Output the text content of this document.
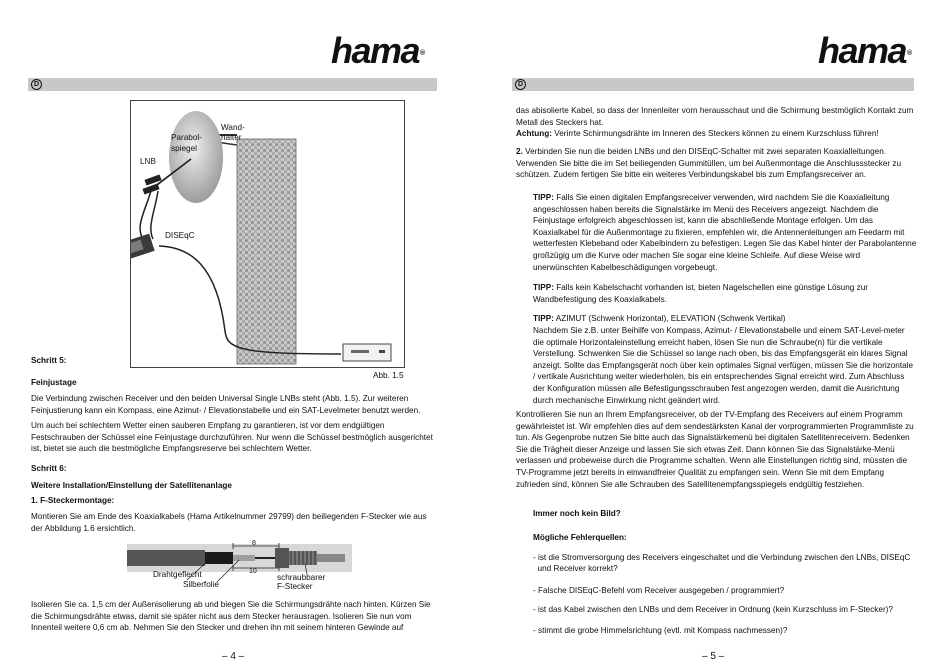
hama®
D
Wand-
halter
Parabol-
spiegel
LNB
DISEqC
Abb. 1.5
Schritt 5:
Feinjustage
Die Verbindung zwischen Receiver und den beiden Universal Single LNBs steht (Abb. 1.5). Zur weiteren Feinjustierung kann ein Kompass, eine Azimut- / Elevationstabelle und ein SAT-Levelmeter benutzt werden.
Um auch bei schlechtem Wetter einen sauberen Empfang zu garantieren, ist vor dem endgültigen Festschrauben der Schüssel eine Feinjustage durchzuführen. Nur wenn die Schüssel bestmöglich ausgerichtet ist, bietet sie auch die bestmögliche Empfangsreserve bei schlechtem Wetter.
Schritt 6:
Weitere Installation/Einstellung der Satellitenanlage
1. F-Steckermontage:
Montieren Sie am Ende des Koaxialkabels (Hama Artikelnummer 29799) den beiliegenden F-Stecker wie aus der Abbildung 1.6 ersichtlich.
8
10
Drahtgeflecht
Silberfolie
schraubbarer
F-Stecker
Isolieren Sie ca. 1,5 cm der Außenisolierung ab und biegen Sie die Schirmungsdrähte nach hinten. Kürzen Sie die Schirmungsdrähte etwas, damit sie später nicht aus dem Stecker herausragen. Isolieren Sie nun vom Innenteil weitere 0,6 cm ab. Nehmen Sie den Stecker und drehen ihn mit seinem hinteren Gewinde auf
– 4 –
hama®
D
das abisolierte Kabel, so dass der Innenleiter vorn herausschaut und die Schirmung bestmöglich Kontakt zum Metall des Steckers hat.
Achtung: Verirrte Schirmungsdrähte im Inneren des Steckers können zu einem Kurzschluss führen!
2. Verbinden Sie nun die beiden LNBs und den DISEqC-Schalter mit zwei separaten Koaxialleitungen. Verwenden Sie bitte die im Set beiliegenden Gummitüllen, um bei Außenmontage die Anschlussstecker zu schützen. Zudem fertigen Sie bitte ein weiteres Verbindungskabel bis zum Empfangsreceiver an.
TIPP: Falls Sie einen digitalen Empfangsreceiver verwenden, wird nachdem Sie die Koaxialleitung angeschlossen haben bereits die Signalstärke im Menü des Receivers angezeigt. Nachdem die Feinjustage erfolgreich abgeschlossen ist, kann die abschließende Montage erfolgen. Um das Koaxialkabel für die Außenmontage zu fixieren, empfehlen wir, die Antennenleitungen am Feedarm mit wetterfesten Klebeband oder Kabelbindern zu befestigen. Legen Sie das Kabel hinter der Parabolantenne großzügig um die Kurve oder machen Sie sogar eine kleine Schleife. Auf diese Weise wird unerwünschten Kabelbeschädigungen vorgebeugt.
TIPP: Falls kein Kabelschacht vorhanden ist, bieten Nagelschellen eine günstige Lösung zur Wandbefestigung des Koaxialkabels.
TIPP: AZIMUT (Schwenk Horizontal), ELEVATION (Schwenk Vertikal)
Nachdem Sie z.B. unter Beihilfe von Kompass, Azimut- / Elevationstabelle und einem SAT-Level-meter die optimale Horizontaleinstellung erreicht haben, lösen Sie nun die Schraube(n) für die vertikale Verstellung. Schwenken Sie die Schüssel so lange nach oben, bis das Empfangsgerät ein klares Signal anzeigt. Sollte das Empfangsgerät noch über kein optimales Signal verfügen, müssen Sie die horizontale / vertikale Ausrichtung weiter wiederholen, bis ein entsprechendes Signal erreicht wird. Zum Abschluss der Konfiguration müssen alle Befestigungsschrauben fest angezogen werden, damit die Ausrichtung durch mechanische Einwirkung nicht geändert wird.
Kontrollieren Sie nun an Ihrem Empfangsreceiver, ob der TV-Empfang des Receivers auf einem Programm gewährleistet ist. Wir empfehlen dies auf dem sendestärksten Kanal der vorprogrammierten Programmliste zu tun. Als Gegenprobe nutzen Sie bitte auch das Signalstärkemenü bei digitalen Satellitenreceivern. Bedenken Sie die Trägheit dieser Anzeige und lassen Sie sich etwas Zeit. Dann können Sie das Signalstärke-Menü verlassen und probeweise durch die Programme schalten. Wenn alle Einstellungen richtig sind, müssten die TV-Programme jetzt bereits in einwandfreier Qualität zu empfangen sein. Wenn Sie mit dem Empfang zufrieden sind, können Sie alle Schrauben des Satellitenempfangsspiegels endgültig festziehen.
Immer noch kein Bild?
Mögliche Fehlerquellen:
- ist die Stromversorgung des Receivers eingeschaltet und die Verbindung zwischen den LNBs, DISEqC
und Receiver korrekt?
- Falsche DISEqC-Befehl vom Receiver ausgegeben / programmiert?
- ist das Kabel zwischen den LNBs und dem Receiver in Ordnung (kein Kurzschluss im F-Stecker)?
- stimmt die grobe Himmelsrichtung (evtl. mit Kompass nachmessen)?
– 5 –
